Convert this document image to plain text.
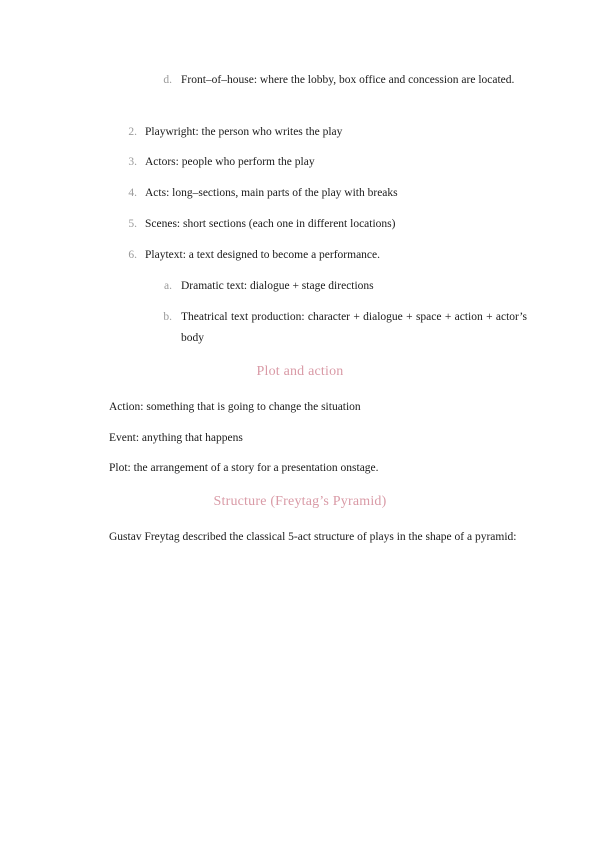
d. Front–of–house: where the lobby, box office and concession are located.
2. Playwright: the person who writes the play
3. Actors: people who perform the play
4. Acts: long–sections, main parts of the play with breaks
5. Scenes: short sections (each one in different locations)
6. Playtext: a text designed to become a performance.
a. Dramatic text: dialogue + stage directions
b. Theatrical text production: character + dialogue + space + action + actor’s body
Plot and action
Action: something that is going to change the situation
Event: anything that happens
Plot: the arrangement of a story for a presentation onstage.
Structure (Freytag’s Pyramid)
Gustav Freytag described the classical 5-act structure of plays in the shape of a pyramid:
